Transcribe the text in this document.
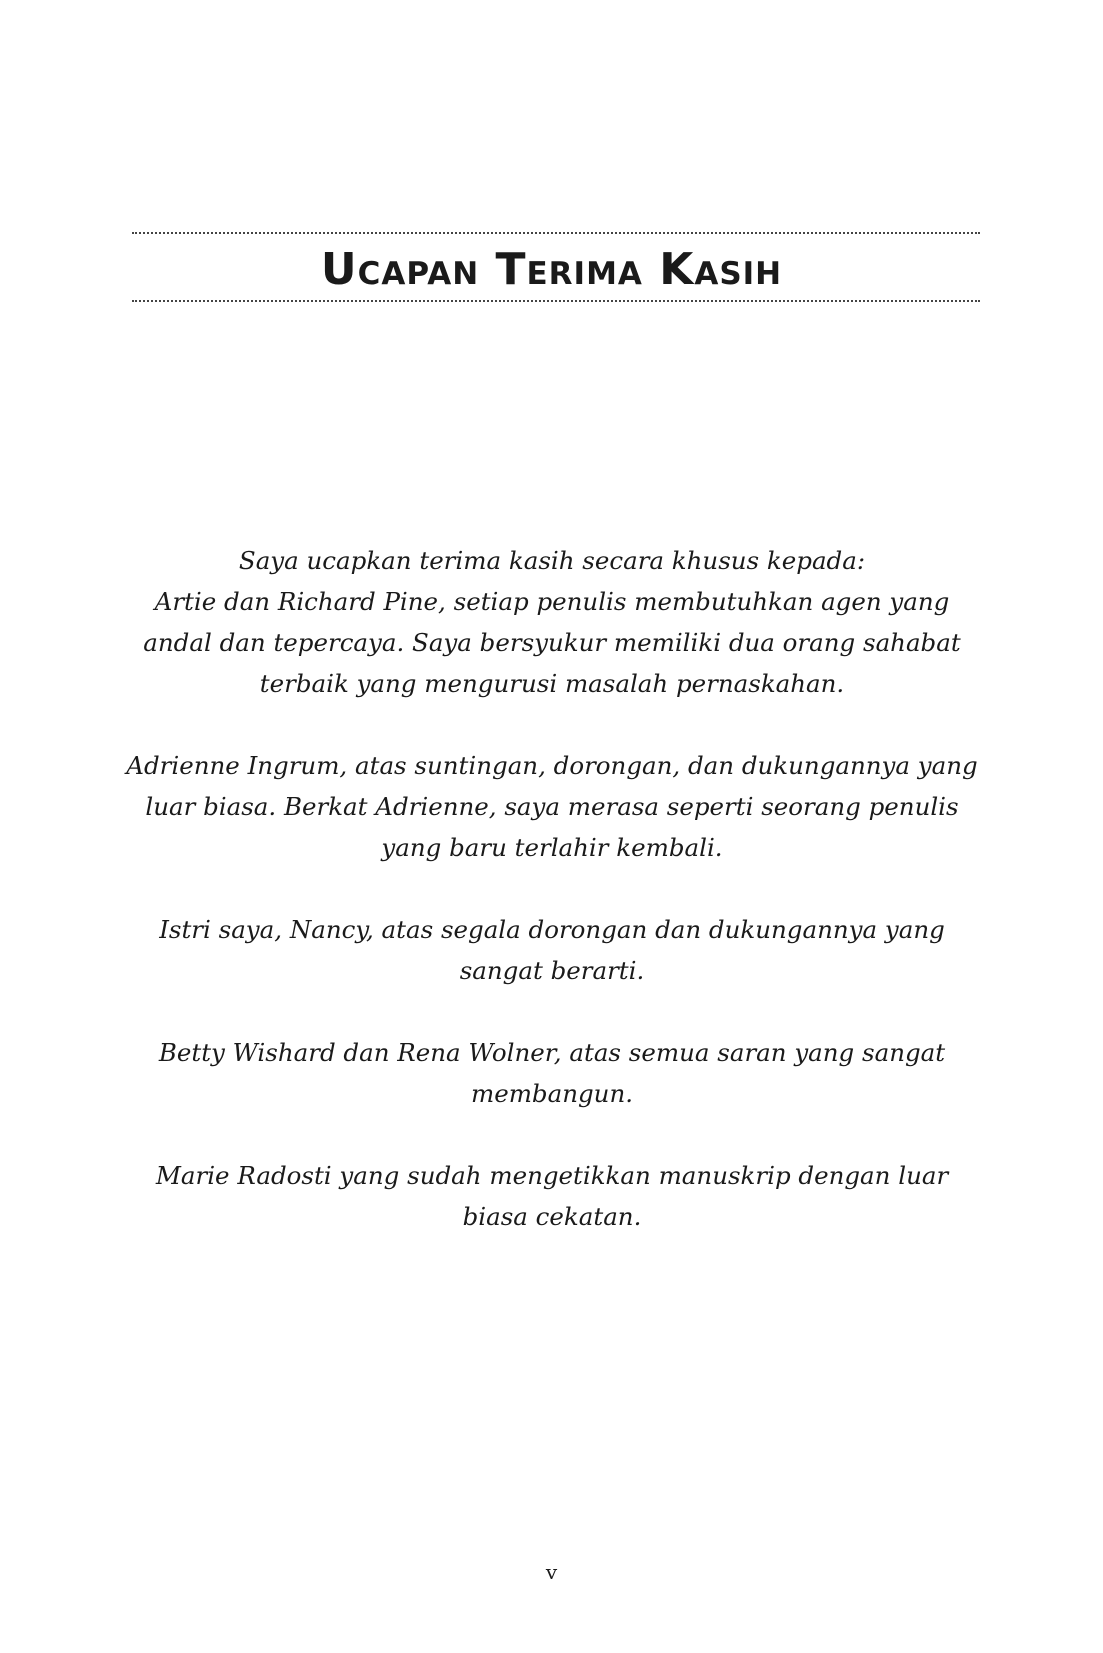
Ucapan Terima Kasih

Saya ucapkan terima kasih secara khusus kepada:
Artie dan Richard Pine, setiap penulis membutuhkan agen yang
andal dan tepercaya. Saya bersyukur memiliki dua orang sahabat
terbaik yang mengurusi masalah pernaskahan.

Adrienne Ingrum, atas suntingan, dorongan, dan dukungannya yang
luar biasa. Berkat Adrienne, saya merasa seperti seorang penulis
yang baru terlahir kembali.

Istri saya, Nancy, atas segala dorongan dan dukungannya yang
sangat berarti.

Betty Wishard dan Rena Wolner, atas semua saran yang sangat
membangun.

Marie Radosti yang sudah mengetikkan manuskrip dengan luar
biasa cekatan.

v
